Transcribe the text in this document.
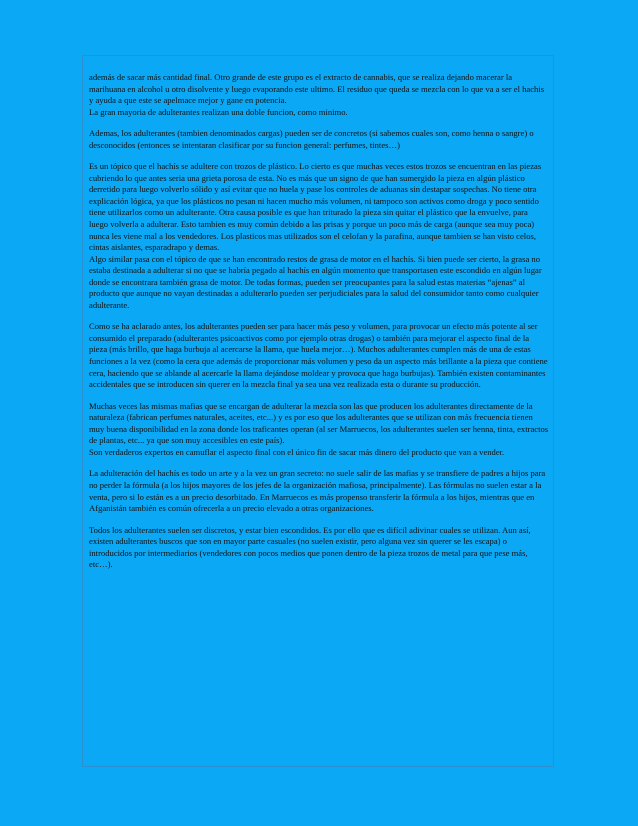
además de sacar más cantidad final. Otro grande de este grupo es el extracto de cannabis, que se realiza dejando macerar la marihuana en alcohol u otro disolvente y luego evaporando este ultimo. El residuo que queda se mezcla con lo que va a ser el hachis y ayuda a que este se apelmace mejor y gane en potencia.
La gran mayoria de adulterantes realizan una doble funcion, como minimo.

Ademas, los adulterantes (tambien denominados cargas) pueden ser de concretos (si sabemos cuales son, como henna o sangre) o desconocidos (entonces se intentaran clasificar por su funcion general: perfumes, tintes…)

Es un tópico que el hachís se adultere con trozos de plástico. Lo cierto es que muchas veces estos trozos se encuentran en las piezas cubriendo lo que antes seria una grieta porosa de esta. No es más que un signo de que han sumergido la pieza en algún plástico derretido para luego volverlo sólido y así evitar que no huela y pase los controles de aduanas sin destapar sospechas. No tiene otra explicación lógica, ya que los plásticos no pesan ni hacen mucho más volumen, ni tampoco son activos como droga y poco sentido tiene utilizarlos como un adulterante. Otra causa posible es que han triturado la pieza sin quitar el plástico que la envuelve, para luego volverla a adulterar. Esto tambien es muy común debido a las prisas y porque un poco más de carga (aunque sea muy poca) nunca les viene mal a los vendedores. Los plasticos mas utilizados son el celofan y la parafina, aunque tambien se han visto celos, cintas aislantes, esparadrapo y demas.
Algo similar pasa con el tópico de que se han encontrado restos de grasa de motor en el hachís. Si bien puede ser cierto, la grasa no estaba destinada a adulterar si no que se habría pegado al hachís en algún momento que transportasen este escondido en algún lugar donde se encontrara también grasa de motor. De todas formas, pueden ser preocupantes para la salud estas materias “ajenas” al producto que aunque no vayan destinadas a adulterarlo pueden ser perjudiciales para la salud del consumidor tanto como cualquier adulterante.

Como se ha aclarado antes, los adulterantes pueden ser para hacer más peso y volumen, para provocar un efecto más potente al ser consumido el preparado (adulterantes psicoactivos como por ejemplo otras drogas) o también para mejorar el aspecto final de la pieza (más brillo, que haga burbuja al acercarse la llama, que huela mejor…). Muchos adulterantes cumplen más de una de estas funciones a la vez (como la cera que además de proporcionar más volumen y peso da un aspecto más brillante a la pieza que contiene cera, haciendo que se ablande al acercarle la llama dejándose moldear y provoca que haga burbujas). También existen contaminantes accidentales que se introducen sin querer en la mezcla final ya sea una vez realizada esta o durante su producción.

Muchas veces las mismas mafias que se encargan de adulterar la mezcla son las que producen los adulterantes directamente de la naturaleza (fabrican perfumes naturales, aceites, etc...) y es por eso que los adulterantes que se utilizan con más frecuencia tienen muy buena disponibilidad en la zona donde los traficantes operan (al ser Marruecos, los adulterantes suelen ser henna, tinta, extractos de plantas, etc... ya que son muy accesibles en este país).
Son verdaderos expertos en camuflar el aspecto final con el único fin de sacar más dinero del producto que van a vender.

La adulteración del hachís es todo un arte y a la vez un gran secreto: no suele salir de las mafias y se transfiere de padres a hijos para no perder la fórmula (a los hijos mayores de los jefes de la organización mafiosa, principalmente). Las fórmulas no suelen estar a la venta, pero si lo están es a un precio desorbitado. En Marruecos es más propenso transferir la fórmula a los hijos, mientras que en Afganistán también es común ofrecerla a un precio elevado a otras organizaciones.

Todos los adulterantes suelen ser discretos, y estar bien escondidos. Es por ello que es difícil adivinar cuales se utilizan. Aun así, existen adulterantes buscos que son en mayor parte casuales (no suelen existir, pero alguna vez sin querer se les escapa) o introducidos por intermediarios (vendedores con pocos medios que ponen dentro de la pieza trozos de metal para que pese más, etc…).
